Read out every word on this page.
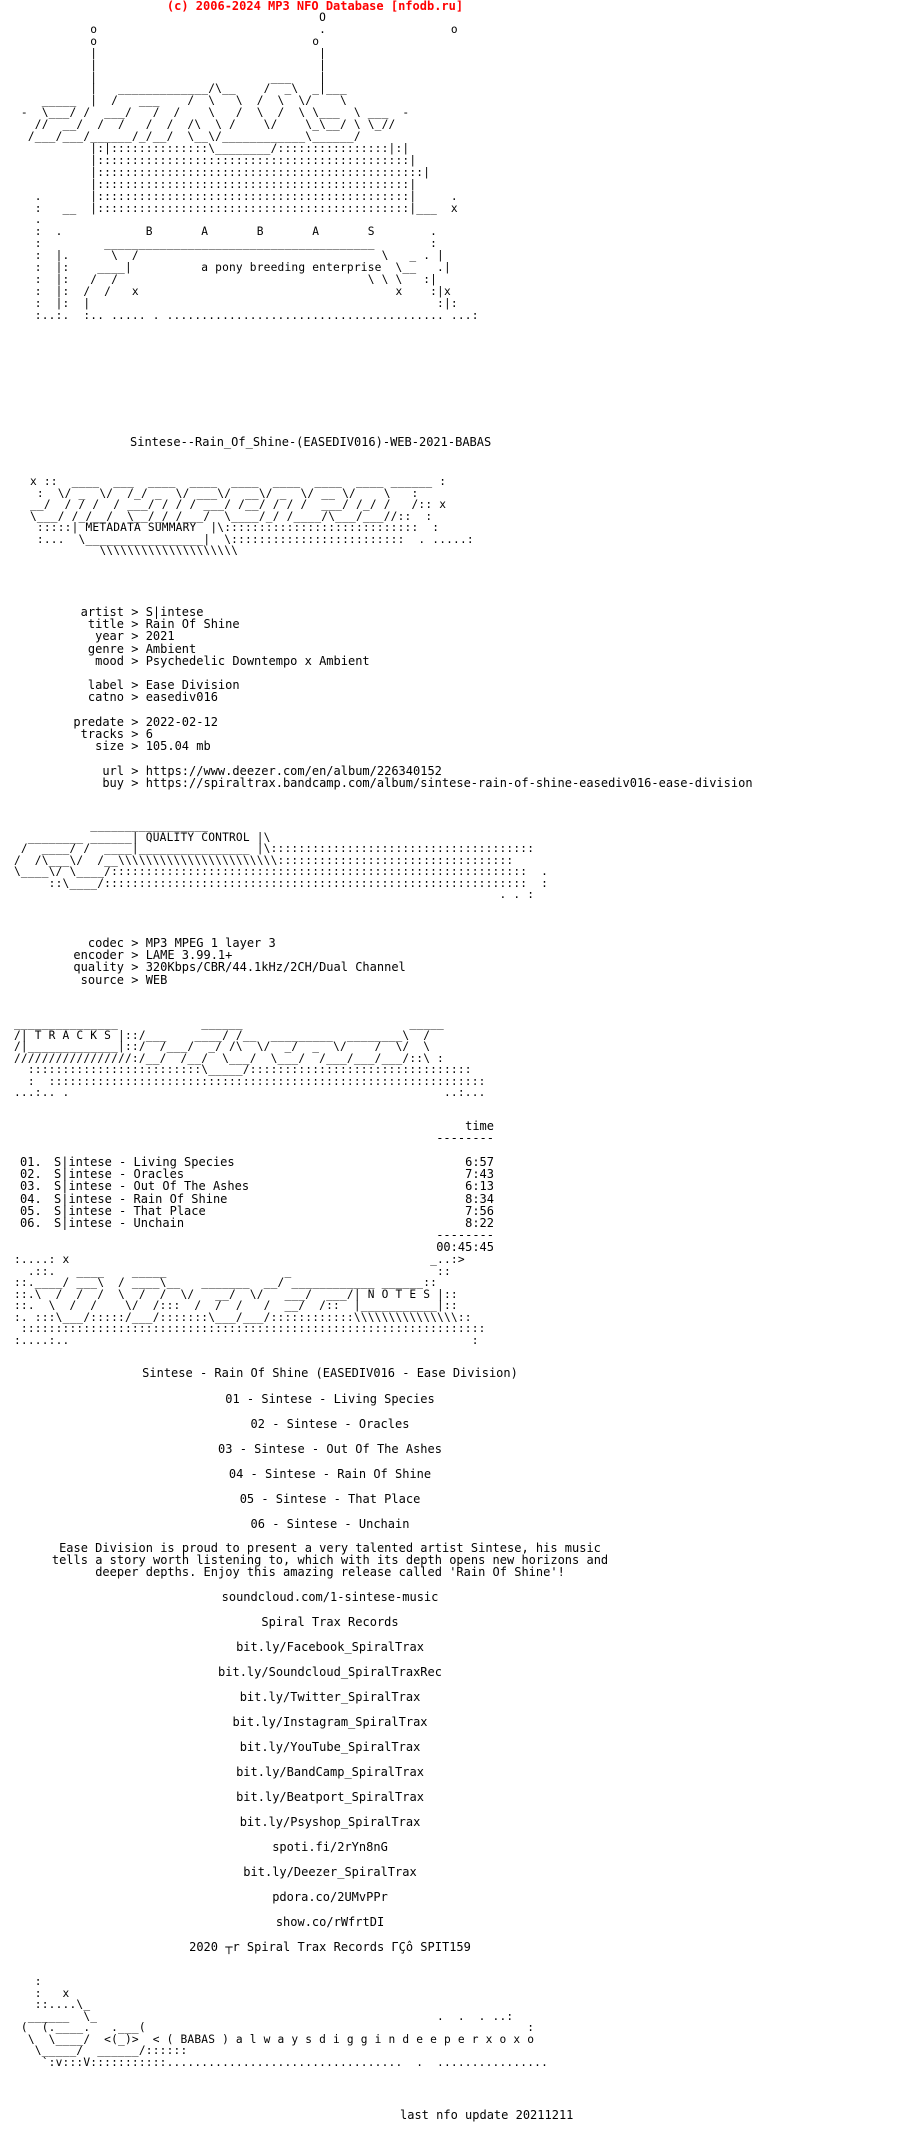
(c) 2006-2024 MP3 NFO Database [nfodb.ru]
O
o                                .                  o
o                               o
|                                |
|                                |
|                         ___    |
|   _____________/\__    /  _\  _|___
_____  |  /   ___    /  \   \  /  \  \/    \
-  \___/ /  ___/   /  /    \   /  \  /  \ \___  \ ___  -
//  __/  /  /   /  /  /\  \ /    \/    \_\__/ \ \_//
/___/___/______/_/__/  \__\/____________\______/
|:|::::::::::::::\________/::::::::::::::::|:|
|:::::::::::::::::::::::::::::::::::::::::::::|
|:::::::::::::::::::::::::::::::::::::::::::::::|
|:::::::::::::::::::::::::::::::::::::::::::::|
.       |:::::::::::::::::::::::::::::::::::::::::::::|     .
:   __  |:::::::::::::::::::::::::::::::::::::::::::::|___  x
.
:  .            B       A       B       A       S        .
:         _______________________________________        :
:  |.      \  /                                   \   _ . |
:  |:    ____|          a pony breeding enterprise  \__   .|
:  |:   /  /                                    \ \ \   :|
:  |:  /  /   x                                     x    :|x
:  |:  |                                                  :|:
:..:.  :.. ..... . ........................................ ...:
Sintese--Rain_Of_Shine-(EASEDIV016)-WEB-2021-BABAS
x ::  ____  ___  ____  ____  ____  ____  ____  ____ ______ :
:  \/ _  \/  /_/ _  \/ ___\/  __\/ _  \/ __ \/    \   :
__/  / / /  / ___/ / / / ___/ /__/ / / /  ___/ /_/ /   /:: x
\___/ /_/__/  \__/_/ /___/  \____/_/ /____/\___/___//::  :
:::::| METADATA SUMMARY  |\::::::::::::::::::::::::::::  :
:...  \_________________|  \:::::::::::::::::::::::::  . .....:
\\\\\\\\\\\\\\\\\\\\
artist > S|intese
title > Rain Of Shine
year > 2021
genre > Ambient
mood > Psychedelic Downtempo x Ambient

label > Ease Division
catno > easediv016

predate > 2022-02-12
tracks > 6
size > 105.04 mb

url > https://www.deezer.com/en/album/226340152
buy > https://spiraltrax.bandcamp.com/album/sintese-rain-of-shine-easediv016-ease-division
_________________
________ ______| QUALITY CONTROL |\
/  ____/ /  ____|________________ |\::::::::::::::::::::::::::::::::::::::
/  /\___\/  /__\\\\\\\\\\\\\\\\\\\\\\\::::::::::::::::::::::::::::::::::
\____\/ \____/::::::::::::::::::::::::::::::::::::::::::::::::::::::::::::  .
::\____/:::::::::::::::::::::::::::::::::::::::::::::::::::::::::::::  :
. . :
codec > MP3 MPEG 1 layer 3
encoder > LAME 3.99.1+
quality > 320Kbps/CBR/44.1kHz/2CH/Dual Channel
source > WEB
_______________            ______                        _____
/| T R A C K S |::/___    ____/ /__  _________  ________\  /
/|_____________|::/  /___/  _/ /\  \/  _/  _  \/    /  \/  \
/////////////////:/__/  /__/  \___/  \___/  /___/___/___/::\ :
:::::::::::::::::::::::::\_____/::::::::::::::::::::::::::::::::
:  :::::::::::::::::::::::::::::::::::::::::::::::::::::::::::::::
...:.. .                                                      ..:...
time
--------

01.	S|intese - Living Species	6:57
02.	S|intese - Oracles	7:43
03.	S|intese - Out Of The Ashes	6:13
04.	S|intese - Rain Of Shine	8:34
05.	S|intese - That Place	7:56
06.	S|intese - Unchain	8:22
--------
00:45:45
:....: x                                                    _..:>
.::.   ____    _____                 _                     ::
::.____/ ___\  / ____\__   _______  __/ ____________ ______::
::.\  /  /  /  \  /  /  \/   __/  \/   ___/  ___/| N O T E S |::
::.  \  /  /    \/  /:::  /  /  /   /  __/  /::  |___________|::
:. :::\___/:::::/___/:::::::\___/___/::::::::::::\\\\\\\\\\\\\\\::
:::::::::::::::::::::::::::::::::::::::::::::::::::::::::::::::::::
:....:..                                                          :

Sintese - Rain Of Shine (EASEDIV016 - Ease Division)

01 - Sintese - Living Species

02 - Sintese - Oracles

03 - Sintese - Out Of The Ashes

04 - Sintese - Rain Of Shine

05 - Sintese - That Place

06 - Sintese - Unchain

Ease Division is proud to present a very talented artist Sintese, his music tells a story worth listening to, which with its depth opens new horizons and deeper depths. Enjoy this amazing release called 'Rain Of Shine'!

soundcloud.com/1-sintese-music

Spiral Trax Records

bit.ly/Facebook_SpiralTrax

bit.ly/Soundcloud_SpiralTraxRec

bit.ly/Twitter_SpiralTrax

bit.ly/Instagram_SpiralTrax

bit.ly/YouTube_SpiralTrax

bit.ly/BandCamp_SpiralTrax

bit.ly/Beatport_SpiralTrax

bit.ly/Psyshop_SpiralTrax

spoti.fi/2rYn8nG

bit.ly/Deezer_SpiralTrax

pdora.co/2UMvPPr

show.co/rWfrtDI

2020 ┬r Spiral Trax Records ΓÇô SPIT159

:
:   x
::....\_
______  \_                                                 .  .  . ..:
(  (.____.   .___(                                                       :
\  \____/  <(_)>  < ( BABAS ) a l w a y s d i g g i n d e e p e r x o x o
\_____/  ______/::::::
`:v:::V:::::::::::..................................  .  ................
last nfo update 20211211
